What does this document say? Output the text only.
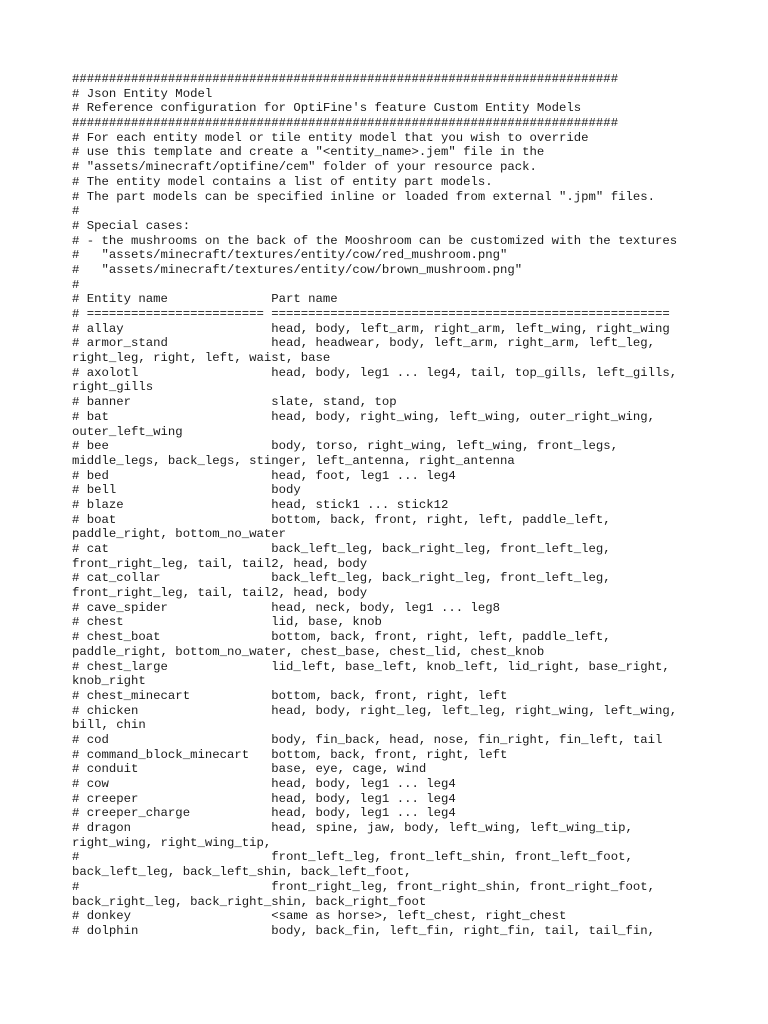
##########################################################################
# Json Entity Model
# Reference configuration for OptiFine's feature Custom Entity Models
##########################################################################
# For each entity model or tile entity model that you wish to override
# use this template and create a "<entity_name>.jem" file in the
# "assets/minecraft/optifine/cem" folder of your resource pack.
# The entity model contains a list of entity part models.
# The part models can be specified inline or loaded from external ".jpm" files.
#
# Special cases:
# - the mushrooms on the back of the Mooshroom can be customized with the textures
#   "assets/minecraft/textures/entity/cow/red_mushroom.png"
#   "assets/minecraft/textures/entity/cow/brown_mushroom.png"
#
# Entity name              Part name
# ======================== ======================================================
# allay                    head, body, left_arm, right_arm, left_wing, right_wing
# armor_stand              head, headwear, body, left_arm, right_arm, left_leg,
right_leg, right, left, waist, base
# axolotl                  head, body, leg1 ... leg4, tail, top_gills, left_gills,
right_gills
# banner                   slate, stand, top
# bat                      head, body, right_wing, left_wing, outer_right_wing,
outer_left_wing
# bee                      body, torso, right_wing, left_wing, front_legs,
middle_legs, back_legs, stinger, left_antenna, right_antenna
# bed                      head, foot, leg1 ... leg4
# bell                     body
# blaze                    head, stick1 ... stick12
# boat                     bottom, back, front, right, left, paddle_left,
paddle_right, bottom_no_water
# cat                      back_left_leg, back_right_leg, front_left_leg,
front_right_leg, tail, tail2, head, body
# cat_collar               back_left_leg, back_right_leg, front_left_leg,
front_right_leg, tail, tail2, head, body
# cave_spider              head, neck, body, leg1 ... leg8
# chest                    lid, base, knob
# chest_boat               bottom, back, front, right, left, paddle_left,
paddle_right, bottom_no_water, chest_base, chest_lid, chest_knob
# chest_large              lid_left, base_left, knob_left, lid_right, base_right,
knob_right
# chest_minecart           bottom, back, front, right, left
# chicken                  head, body, right_leg, left_leg, right_wing, left_wing,
bill, chin
# cod                      body, fin_back, head, nose, fin_right, fin_left, tail
# command_block_minecart   bottom, back, front, right, left
# conduit                  base, eye, cage, wind
# cow                      head, body, leg1 ... leg4
# creeper                  head, body, leg1 ... leg4
# creeper_charge           head, body, leg1 ... leg4
# dragon                   head, spine, jaw, body, left_wing, left_wing_tip,
right_wing, right_wing_tip,
#                          front_left_leg, front_left_shin, front_left_foot,
back_left_leg, back_left_shin, back_left_foot,
#                          front_right_leg, front_right_shin, front_right_foot,
back_right_leg, back_right_shin, back_right_foot
# donkey                   <same as horse>, left_chest, right_chest
# dolphin                  body, back_fin, left_fin, right_fin, tail, tail_fin,
